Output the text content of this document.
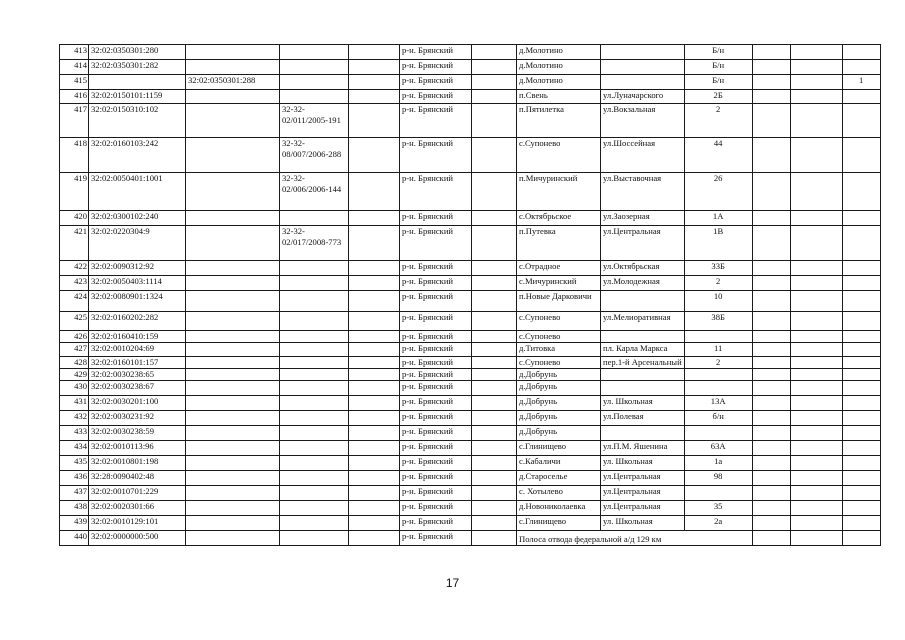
413	32:02:0350301:280				р-н. Брянский		д.Молотино		Б/н			
414	32:02:0350301:282				р-н. Брянский		д.Молотино		Б/н			
415		32:02:0350301:288			р-н. Брянский		д.Молотино		Б/н			1
416	32:02:0150101:1159				р-н. Брянский		п.Свень	ул.Луначарского	2Б			
417	32:02:0150310:102		32-32-02/011/2005-191		р-н. Брянский		п.Пятилетка	ул.Вокзальная	2			
418	32:02:0160103:242		32-32-08/007/2006-288		р-н. Брянский		с.Супонево	ул.Шоссейная	44			
419	32:02:0050401:1001		32-32-02/006/2006-144		р-н. Брянский		п.Мичуринский	ул.Выставочная	26			
420	32:02:0300102:240				р-н. Брянский		с.Октябрьское	ул.Заозерная	1А			
421	32:02:0220304:9		32-32-02/017/2008-773		р-н. Брянский		п.Путевка	ул.Центральная	1В			
422	32:02:0090312:92				р-н. Брянский		с.Отрадное	ул.Октябрьская	33Б			
423	32:02:0050403:1114				р-н. Брянский		с.Мичуринский	ул.Молодежная	2			
424	32:02:0080901:1324				р-н. Брянский		п.Новые Дарковичи		10			
425	32:02:0160202:282				р-н. Брянский		с.Супонево	ул.Мелиоративная	38Б			
426	32:02:0160410:159				р-н. Брянский		с.Супонево					
427	32:02:0010204:69				р-н. Брянский		д.Титовка	пл. Карла Маркса	11			
428	32:02:0160101:157				р-н. Брянский		с.Супонево	пер.1-й Арсенальный	2			
429	32:02:0030238:65				р-н. Брянский		д.Добрунь					
430	32:02:0030238:67				р-н. Брянский		д.Добрунь					
431	32:02:0030201:100				р-н. Брянский		д.Добрунь	ул. Школьная	13А			
432	32:02:0030231:92				р-н. Брянский		д.Добрунь	ул.Полевая	б/н			
433	32:02:0030238:59				р-н. Брянский		д.Добрунь					
434	32:02:0010113:96				р-н. Брянский		с.Глинищево	ул.П.М. Яшенина	63А			
435	32:02:0010801:198				р-н. Брянский		с.Кабаличи	ул. Школьная	1а			
436	32:28:0090402:48				р-н. Брянский		д.Староселье	ул.Центральная	98			
437	32:02:0010701:229				р-н. Брянский		с. Хотылево	ул.Центральная				
438	32:02:0020301:66				р-н. Брянский		д.Новониколаевка	ул.Центральная	35			
439	32:02:0010129:101				р-н. Брянский		с.Глинищево	ул. Школьная	2а			
440	32:02:0000000:500				р-н. Брянский		Полоса отвода федеральной а/д 129 км					
17
